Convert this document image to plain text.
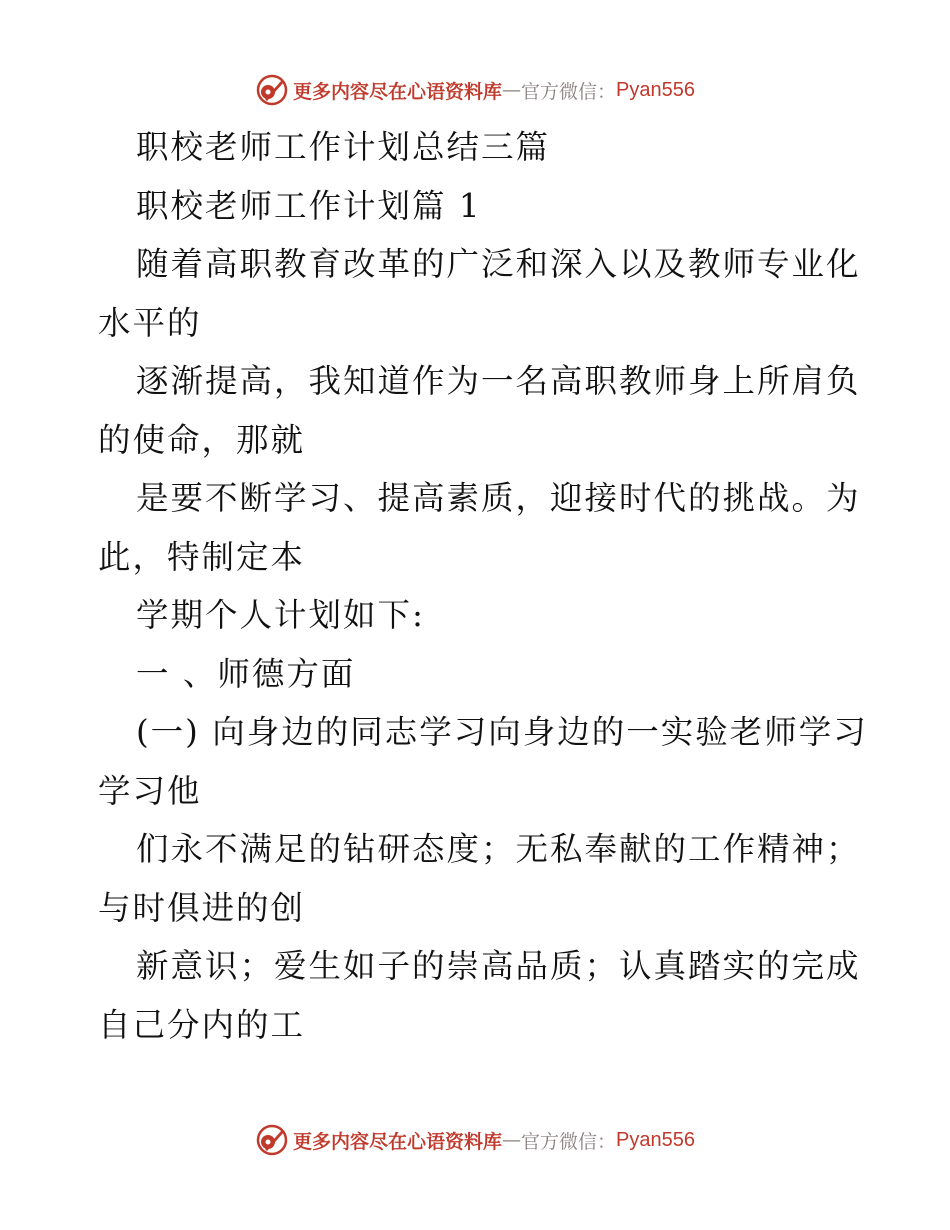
更多内容尽在心语资料库 — 官方微信： Pyan556

职校老师工作计划总结三篇

职校老师工作计划篇 1

随着高职教育改革的广泛和深入以及教师专业化

水平的

逐渐提高，我知道作为一名高职教师身上所肩负

的使命，那就

是要不断学习、提高素质，迎接时代的挑战。为

此，特制定本

学期个人计划如下:

一 、师德方面

(一) 向身边的同志学习向身边的一实验老师学习

学习他

们永不满足的钻研态度；无私奉献的工作精神；

与时俱进的创

新意识；爱生如子的崇高品质；认真踏实的完成

自己分内的工

更多内容尽在心语资料库 — 官方微信： Pyan556
